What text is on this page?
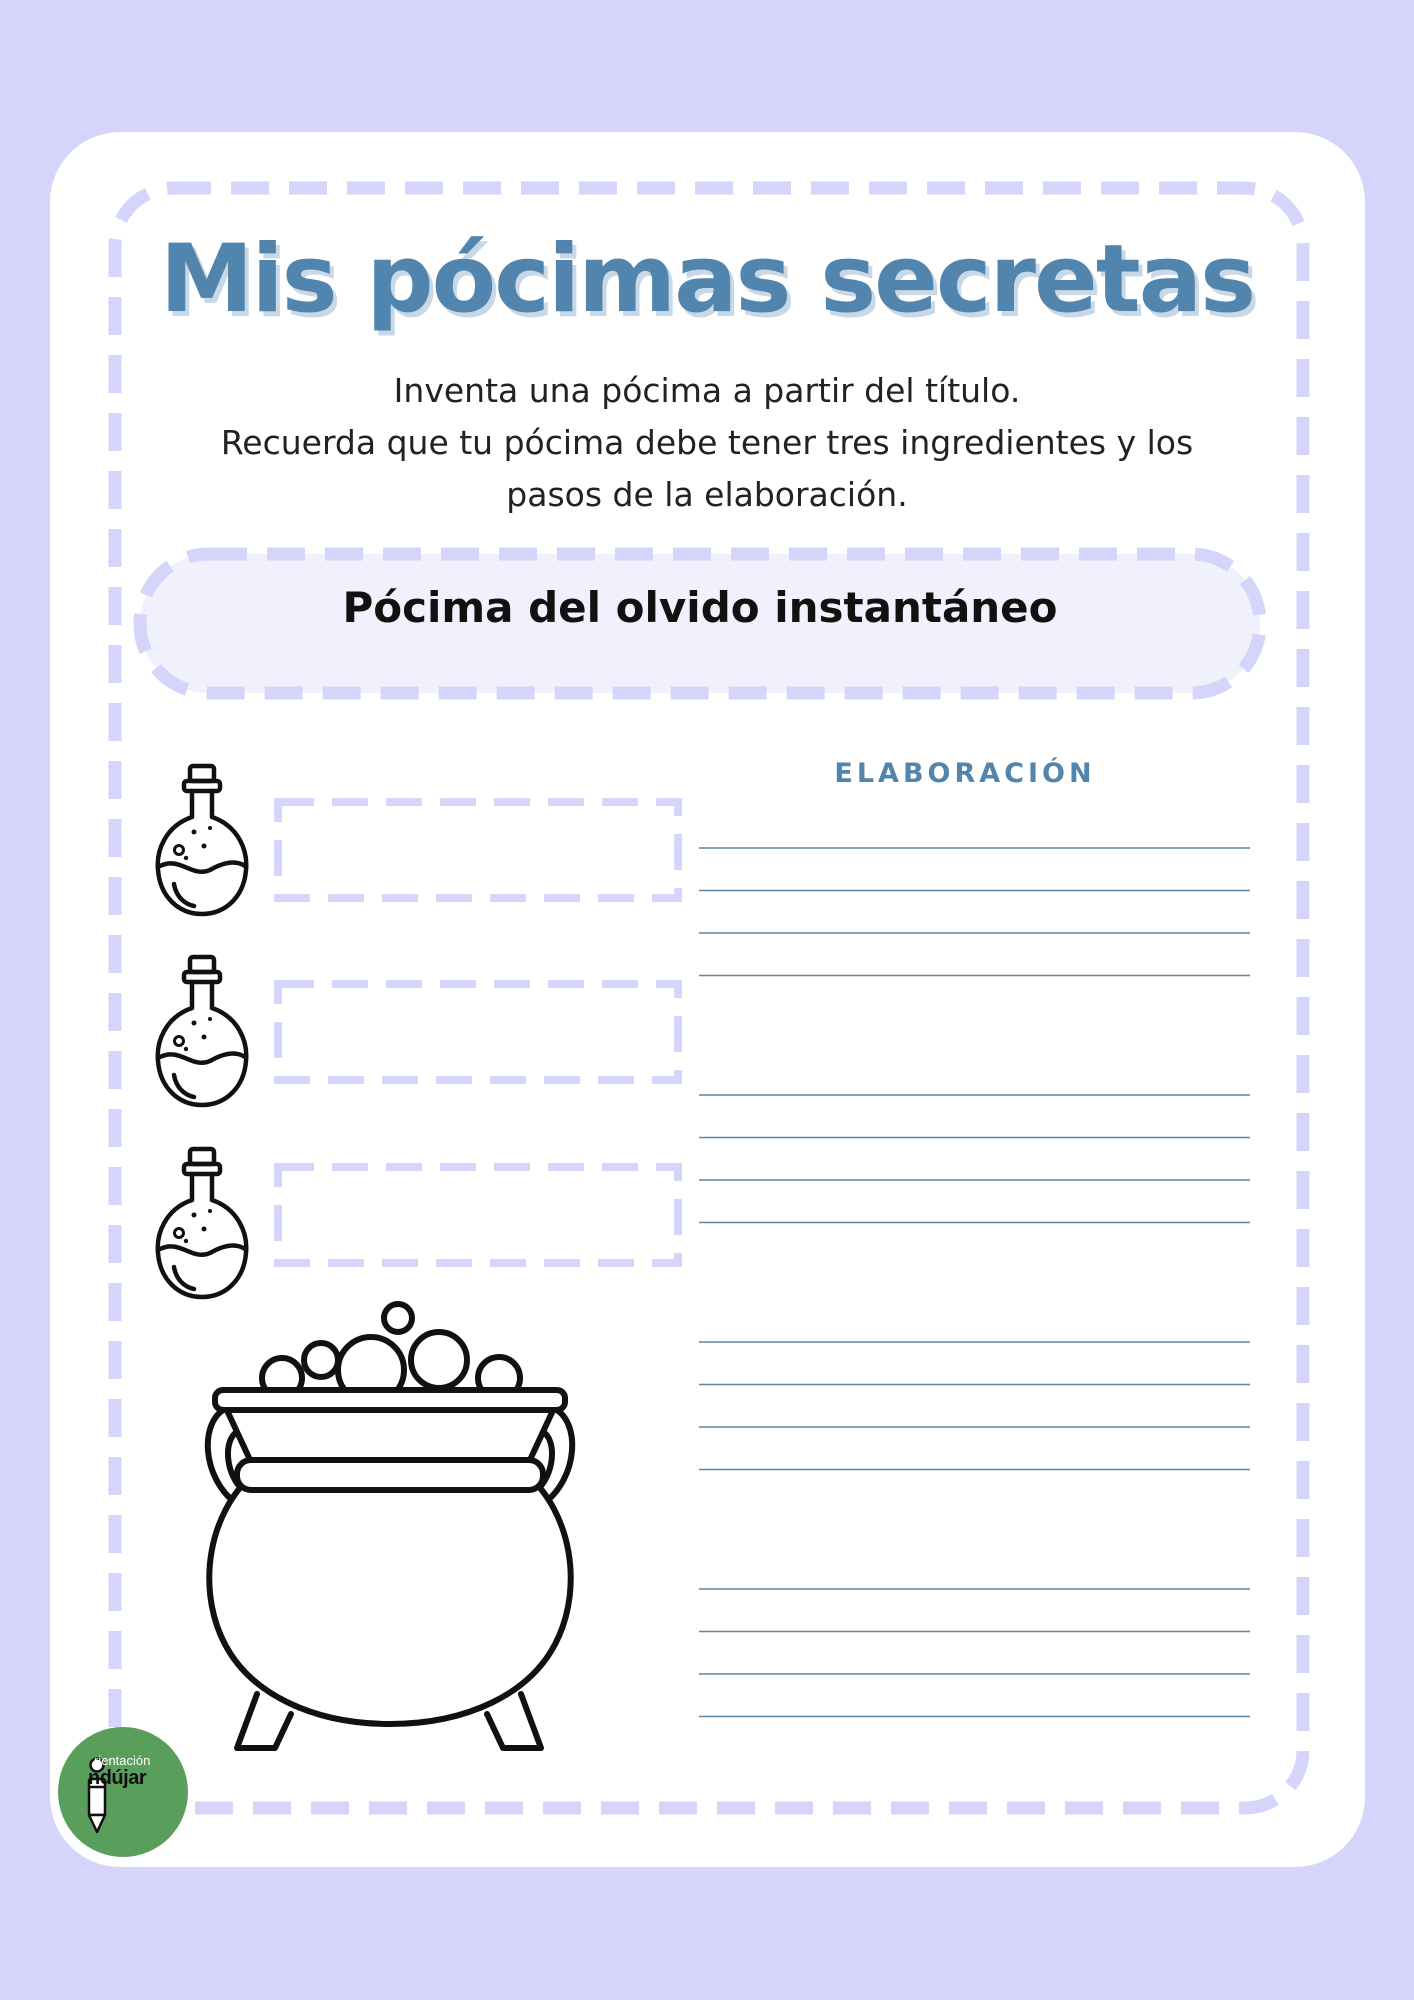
Mis pócimas secretas
Inventa una pócima a partir del título.
Recuerda que tu pócima debe tener tres ingredientes y los
pasos de la elaboración.
Pócima del olvido instantáneo
ELABORACIÓN
rientación
ndújar
